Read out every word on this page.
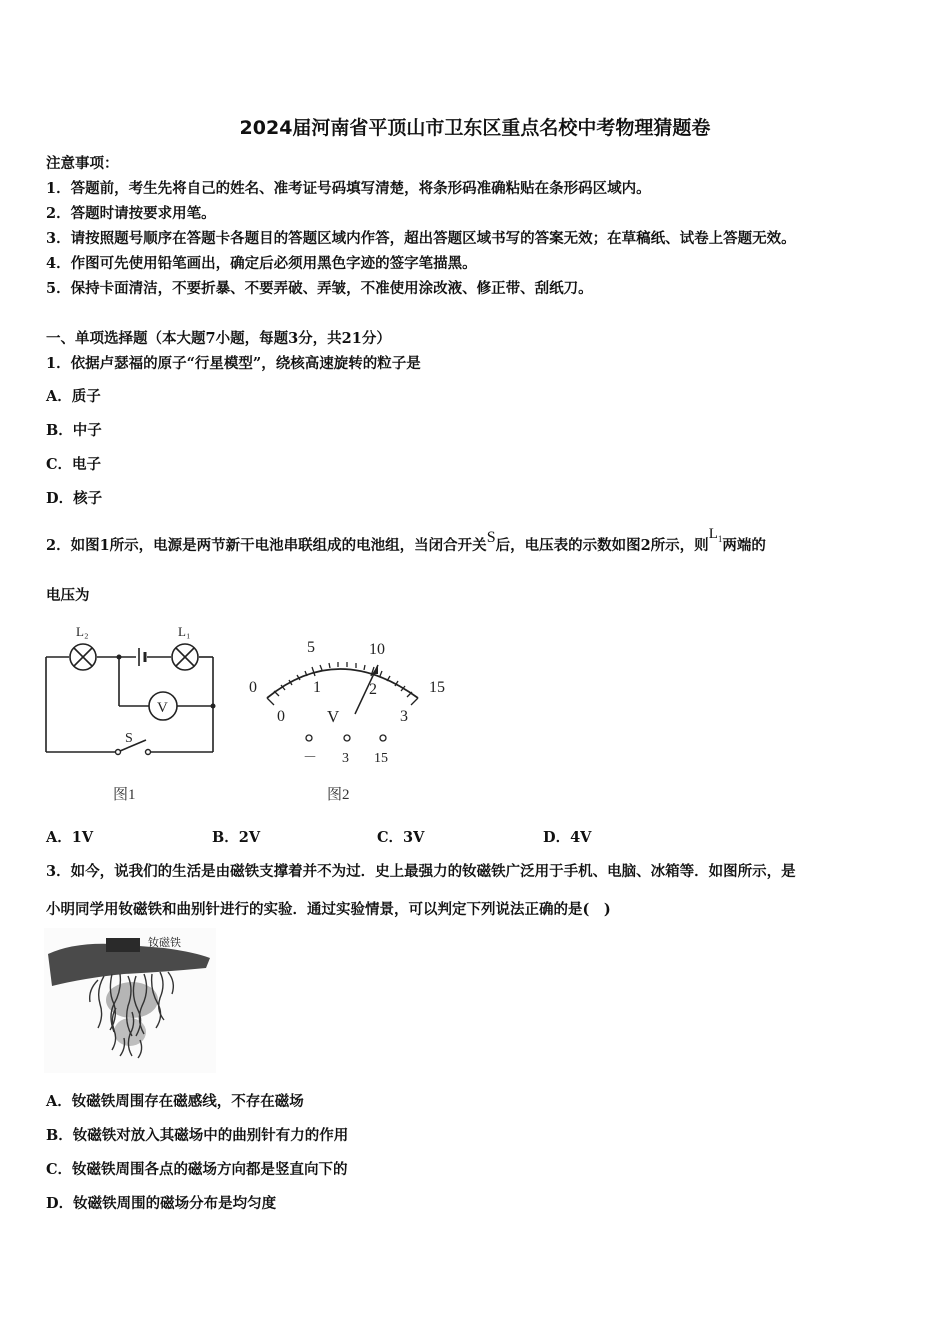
2024届河南省平顶山市卫东区重点名校中考物理猜题卷
注意事项：
1．答题前，考生先将自己的姓名、准考证号码填写清楚，将条形码准确粘贴在条形码区域内。
2．答题时请按要求用笔。
3．请按照题号顺序在答题卡各题目的答题区域内作答，超出答题区域书写的答案无效；在草稿纸、试卷上答题无效。
4．作图可先使用铅笔画出，确定后必须用黑色字迹的签字笔描黑。
5．保持卡面清洁，不要折暴、不要弄破、弄皱，不准使用涂改液、修正带、刮纸刀。
一、单项选择题（本大题7小题，每题3分，共21分）
1．依据卢瑟福的原子“行星模型”，绕核高速旋转的粒子是
A．质子
B．中子
C．电子
D．核子
2．如图1所示，电源是两节新干电池串联组成的电池组，当闭合开关S后，电压表的示数如图2所示，则$L_1$两端的
电压为
L₂	L₁
V
S
图1
0
5	10
15
0
1	2
3
V
－ 3 15
图2
A．1V	B．2V	C．3V	D．4V
3．如今，说我们的生活是由磁铁支撑着并不为过．史上最强力的钕磁铁广泛用于手机、电脑、冰箱等．如图所示，是
小明同学用钕磁铁和曲别针进行的实验．通过实验情景，可以判定下列说法正确的是(　)
钕磁铁
A．钕磁铁周围存在磁感线，不存在磁场
B．钕磁铁对放入其磁场中的曲别针有力的作用
C．钕磁铁周围各点的磁场方向都是竖直向下的
D．钕磁铁周围的磁场分布是均匀度
